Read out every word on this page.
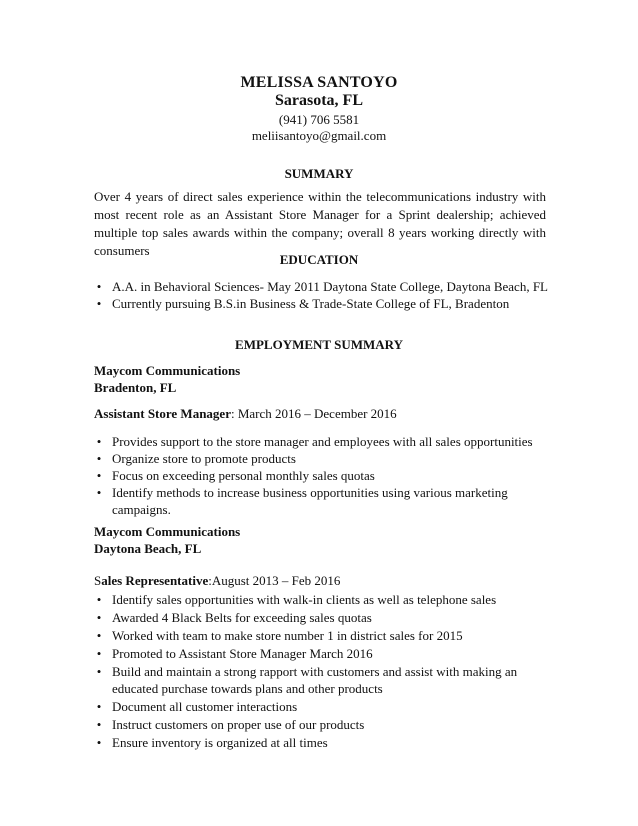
MELISSA SANTOYO
Sarasota, FL
(941) 706 5581
meliisantoyo@gmail.com
SUMMARY
Over 4 years of direct sales experience within the telecommunications industry with most recent role as an Assistant Store Manager for a Sprint dealership; achieved multiple top sales awards within the company; overall 8 years working directly with consumers
EDUCATION
• A.A. in Behavioral Sciences- May 2011 Daytona State College, Daytona Beach, FL
• Currently pursuing B.S.in Business & Trade-State College of FL, Bradenton
EMPLOYMENT SUMMARY
Maycom Communications
Bradenton, FL
Assistant Store Manager: March 2016 – December 2016
• Provides support to the store manager and employees with all sales opportunities
• Organize store to promote products
• Focus on exceeding personal monthly sales quotas
• Identify methods to increase business opportunities using various marketing campaigns.
Maycom Communications
Daytona Beach, FL
Sales Representative:August 2013 – Feb 2016
• Identify sales opportunities with walk-in clients as well as telephone sales
• Awarded 4 Black Belts for exceeding sales quotas
• Worked with team to make store number 1 in district sales for 2015
• Promoted to Assistant Store Manager March 2016
• Build and maintain a strong rapport with customers and assist with making an educated purchase towards plans and other products
• Document all customer interactions
• Instruct customers on proper use of our products
• Ensure inventory is organized at all times
